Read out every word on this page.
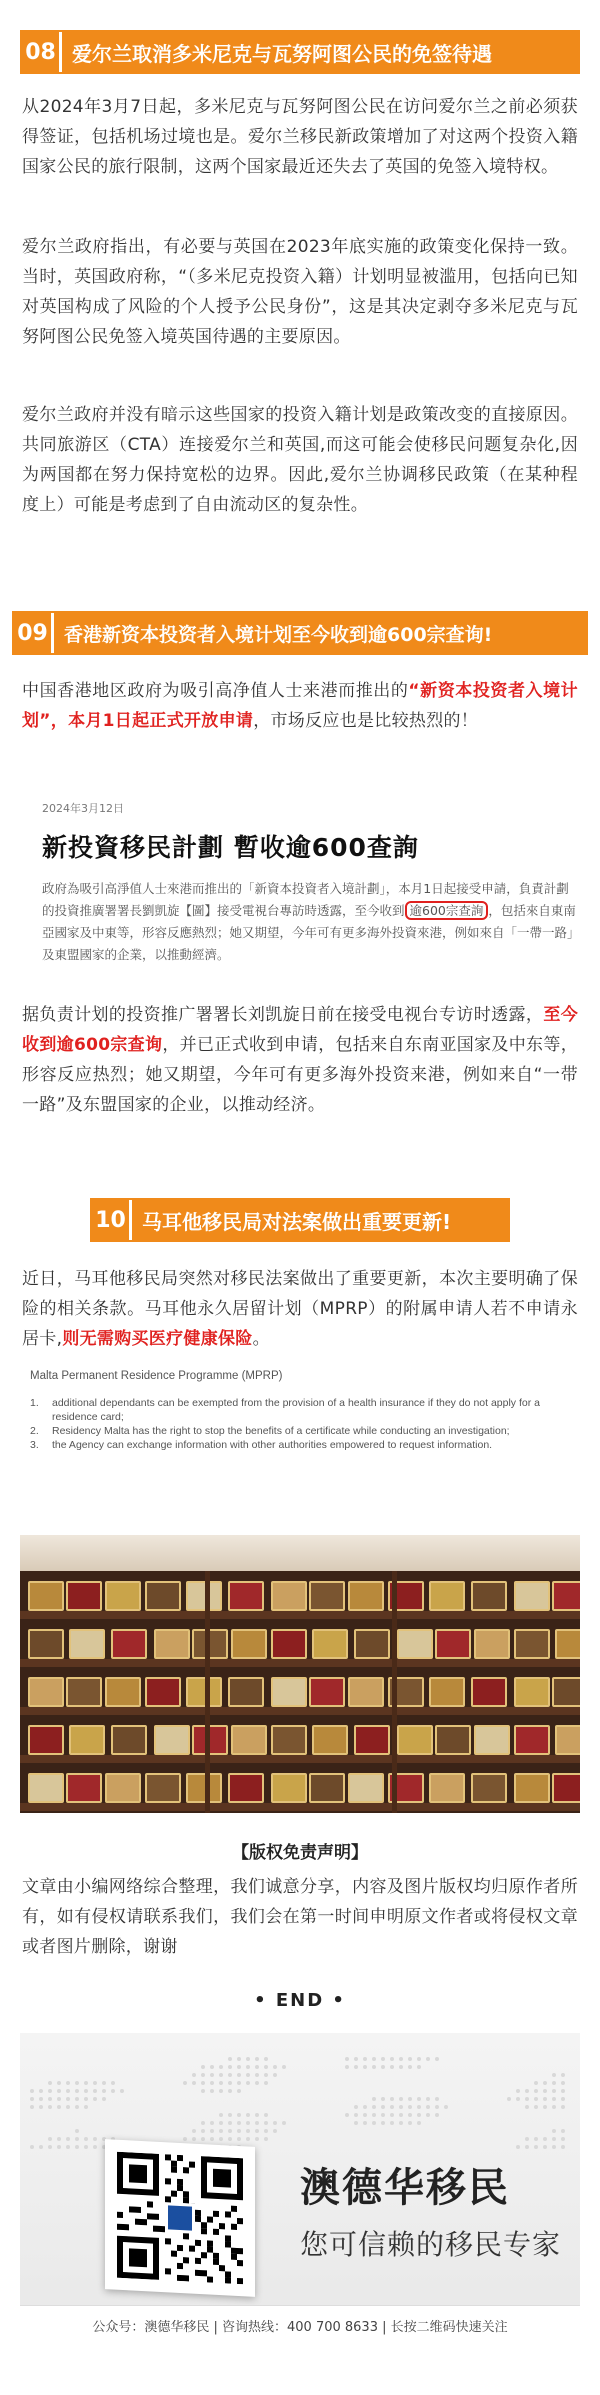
08 爱尔兰取消多米尼克与瓦努阿图公民的免签待遇

从2024年3月7日起，多米尼克与瓦努阿图公民在访问爱尔兰之前必须获得签证，包括机场过境也是。爱尔兰移民新政策增加了对这两个投资入籍国家公民的旅行限制，这两个国家最近还失去了英国的免签入境特权。

爱尔兰政府指出，有必要与英国在2023年底实施的政策变化保持一致。当时，英国政府称，“（多米尼克投资入籍）计划明显被滥用，包括向已知对英国构成了风险的个人授予公民身份”，这是其决定剥夺多米尼克与瓦努阿图公民免签入境英国待遇的主要原因。

爱尔兰政府并没有暗示这些国家的投资入籍计划是政策改变的直接原因。共同旅游区（CTA）连接爱尔兰和英国,而这可能会使移民问题复杂化,因为两国都在努力保持宽松的边界。因此,爱尔兰协调移民政策（在某种程度上）可能是考虑到了自由流动区的复杂性。

09 香港新资本投资者入境计划至今收到逾600宗查询!

中国香港地区政府为吸引高净值人士来港而推出的“新资本投资者入境计划”，本月1日起正式开放申请，市场反应也是比较热烈的！

2024年3月12日
新投資移民計劃 暫收逾600查詢
政府為吸引高淨值人士來港而推出的「新資本投資者入境計劃」，本月1日起接受申請，負責計劃的投資推廣署署長劉凱旋【圖】接受電視台專訪時透露，至今收到 逾600宗查詢 ，包括來自東南亞國家及中東等，形容反應熱烈；她又期望，今年可有更多海外投資來港，例如來自「一帶一路」及東盟國家的企業，以推動經濟。

据负责计划的投资推广署署长刘凯旋日前在接受电视台专访时透露，至今收到逾600宗查询，并已正式收到申请，包括来自东南亚国家及中东等，形容反应热烈；她又期望，今年可有更多海外投资来港，例如来自“一带一路”及东盟国家的企业，以推动经济。

10 马耳他移民局对法案做出重要更新!

近日，马耳他移民局突然对移民法案做出了重要更新，本次主要明确了保险的相关条款。马耳他永久居留计划（MPRP）的附属申请人若不申请永居卡,则无需购买医疗健康保险。

Malta Permanent Residence Programme (MPRP)
1.	additional dependants can be exempted from the provision of a health insurance if they do not apply for a residence card;
2.	Residency Malta has the right to stop the benefits of a certificate while conducting an investigation;
3.	the Agency can exchange information with other authorities empowered to request information.
【版权免责声明】

文章由小编网络综合整理，我们诚意分享，内容及图片版权均归原作者所有，如有侵权请联系我们，我们会在第一时间申明原文作者或将侵权文章或者图片删除，谢谢

• END •
澳德华移民
您可信赖的移民专家
公众号：澳德华移民 | 咨询热线：400 700 8633 | 长按二维码快速关注
